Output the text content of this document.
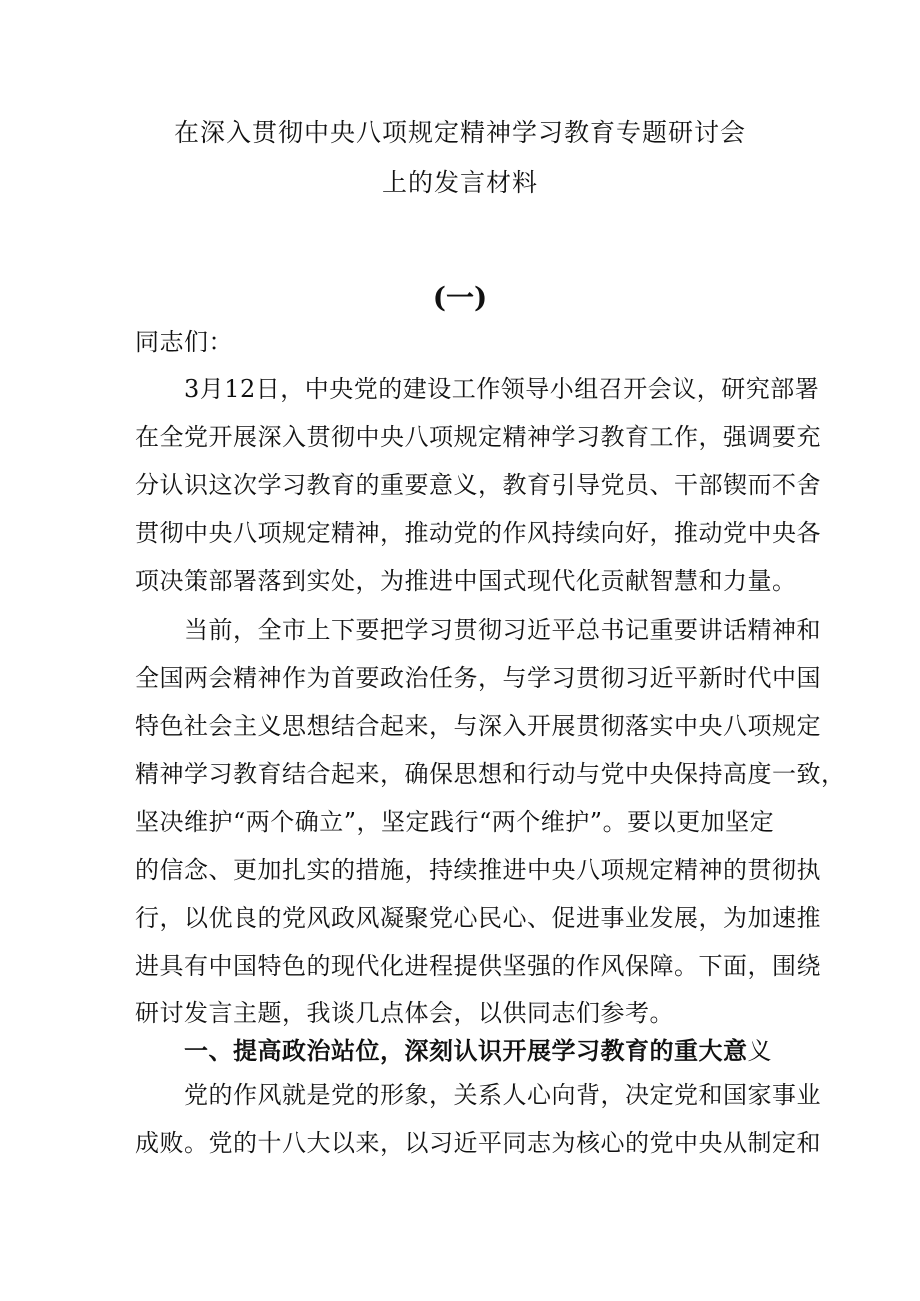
在深入贯彻中央八项规定精神学习教育专题研讨会
上的发言材料
(一)
同志们：
3月12日，中央党的建设工作领导小组召开会议，研究部署
在全党开展深入贯彻中央八项规定精神学习教育工作，强调要充
分认识这次学习教育的重要意义，教育引导党员、干部锲而不舍
贯彻中央八项规定精神，推动党的作风持续向好，推动党中央各
项决策部署落到实处，为推进中国式现代化贡献智慧和力量。
当前，全市上下要把学习贯彻习近平总书记重要讲话精神和
全国两会精神作为首要政治任务，与学习贯彻习近平新时代中国
特色社会主义思想结合起来，与深入开展贯彻落实中央八项规定
精神学习教育结合起来，确保思想和行动与党中央保持高度一致，
坚决维护“两个确立”，坚定践行“两个维护”。要以更加坚定
的信念、更加扎实的措施，持续推进中央八项规定精神的贯彻执
行，以优良的党风政风凝聚党心民心、促进事业发展，为加速推
进具有中国特色的现代化进程提供坚强的作风保障。下面，围绕
研讨发言主题，我谈几点体会，以供同志们参考。
一、提高政治站位，深刻认识开展学习教育的重大意义
党的作风就是党的形象，关系人心向背，决定党和国家事业
成败。党的十八大以来，以习近平同志为核心的党中央从制定和
